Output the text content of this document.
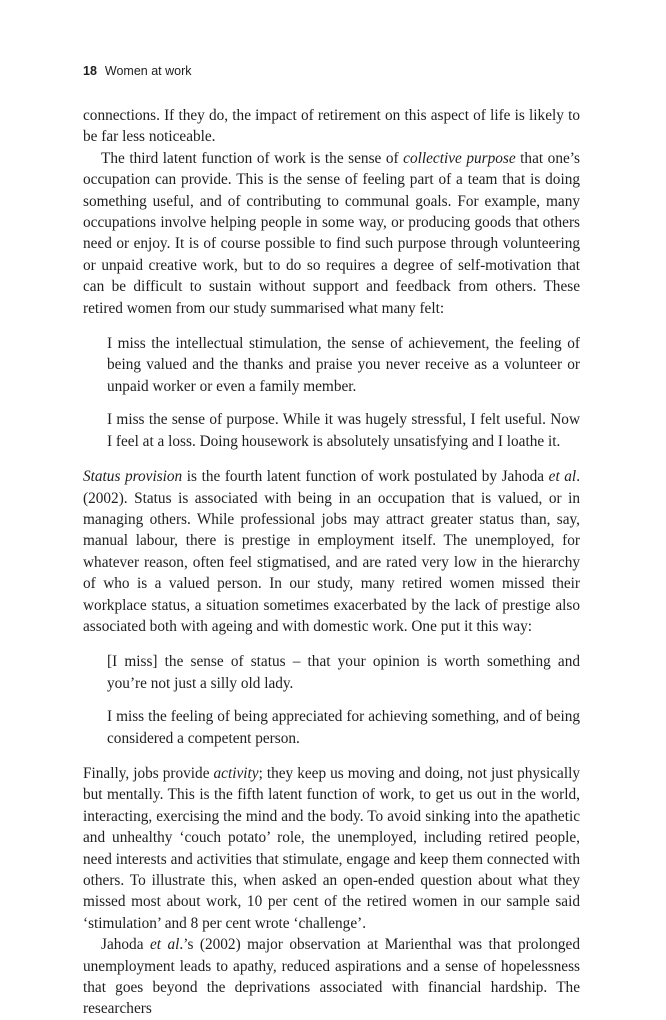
18 Women at work

connections. If they do, the impact of retirement on this aspect of life is likely to be far less noticeable.

The third latent function of work is the sense of collective purpose that one’s occupation can provide. This is the sense of feeling part of a team that is doing something useful, and of contributing to communal goals. For example, many occupations involve helping people in some way, or producing goods that others need or enjoy. It is of course possible to find such purpose through volunteering or unpaid creative work, but to do so requires a degree of self-motivation that can be difficult to sustain without support and feedback from others. These retired women from our study summarised what many felt:

I miss the intellectual stimulation, the sense of achievement, the feeling of being valued and the thanks and praise you never receive as a volunteer or unpaid worker or even a family member.
I miss the sense of purpose. While it was hugely stressful, I felt useful. Now I feel at a loss. Doing housework is absolutely unsatisfying and I loathe it.

Status provision is the fourth latent function of work postulated by Jahoda et al. (2002). Status is associated with being in an occupation that is valued, or in managing others. While professional jobs may attract greater status than, say, manual labour, there is prestige in employment itself. The unemployed, for whatever reason, often feel stigmatised, and are rated very low in the hierarchy of who is a valued person. In our study, many retired women missed their workplace status, a situation sometimes exacerbated by the lack of prestige also associated both with ageing and with domestic work. One put it this way:

[I miss] the sense of status – that your opinion is worth something and you’re not just a silly old lady.
I miss the feeling of being appreciated for achieving something, and of being considered a competent person.

Finally, jobs provide activity; they keep us moving and doing, not just physically but mentally. This is the fifth latent function of work, to get us out in the world, interacting, exercising the mind and the body. To avoid sinking into the apathetic and unhealthy ‘couch potato’ role, the unemployed, including retired people, need interests and activities that stimulate, engage and keep them connected with others. To illustrate this, when asked an open-ended question about what they missed most about work, 10 per cent of the retired women in our sample said ‘stimulation’ and 8 per cent wrote ‘challenge’.

Jahoda et al.’s (2002) major observation at Marienthal was that prolonged unemployment leads to apathy, reduced aspirations and a sense of hopelessness that goes beyond the deprivations associated with financial hardship. The researchers
